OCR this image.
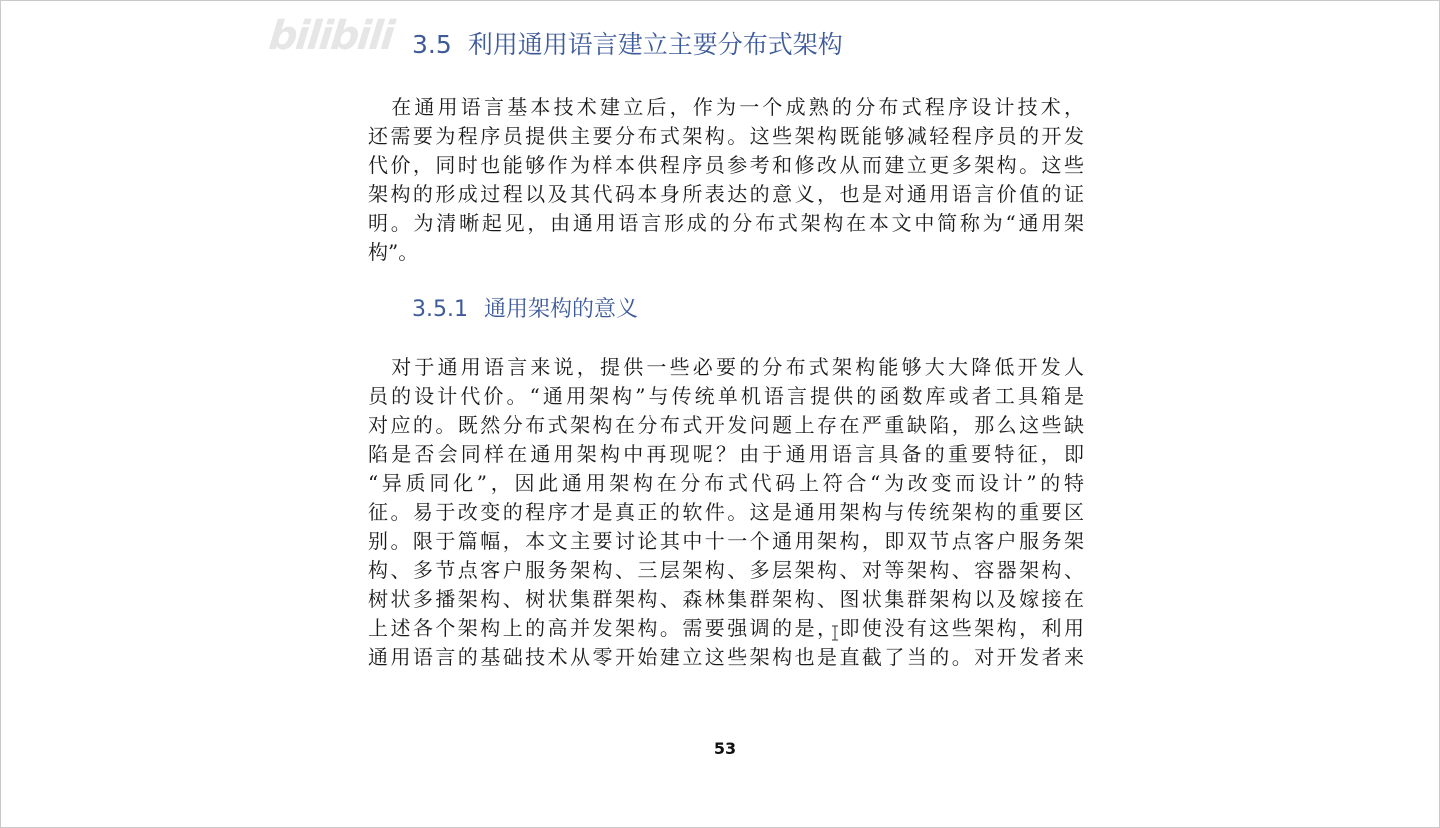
bilibili 3.5 利用通用语言建立主要分布式架构
　在通用语言基本技术建立后，作为一个成熟的分布式程序设计技术，
还需要为程序员提供主要分布式架构。这些架构既能够减轻程序员的开发
代价，同时也能够作为样本供程序员参考和修改从而建立更多架构。这些
架构的形成过程以及其代码本身所表达的意义，也是对通用语言价值的证
明。为清晰起见，由通用语言形成的分布式架构在本文中简称为“通用架
构”。
3.5.1 通用架构的意义
　对于通用语言来说，提供一些必要的分布式架构能够大大降低开发人
员的设计代价。“通用架构”与传统单机语言提供的函数库或者工具箱是
对应的。既然分布式架构在分布式开发问题上存在严重缺陷，那么这些缺
陷是否会同样在通用架构中再现呢？由于通用语言具备的重要特征，即
“异质同化”，因此通用架构在分布式代码上符合“为改变而设计”的特
征。易于改变的程序才是真正的软件。这是通用架构与传统架构的重要区
别。限于篇幅，本文主要讨论其中十一个通用架构，即双节点客户服务架
构、多节点客户服务架构、三层架构、多层架构、对等架构、容器架构、
树状多播架构、树状集群架构、森林集群架构、图状集群架构以及嫁接在
上述各个架构上的高并发架构。需要强调的是，即使没有这些架构，利用
通用语言的基础技术从零开始建立这些架构也是直截了当的。对开发者来
53
